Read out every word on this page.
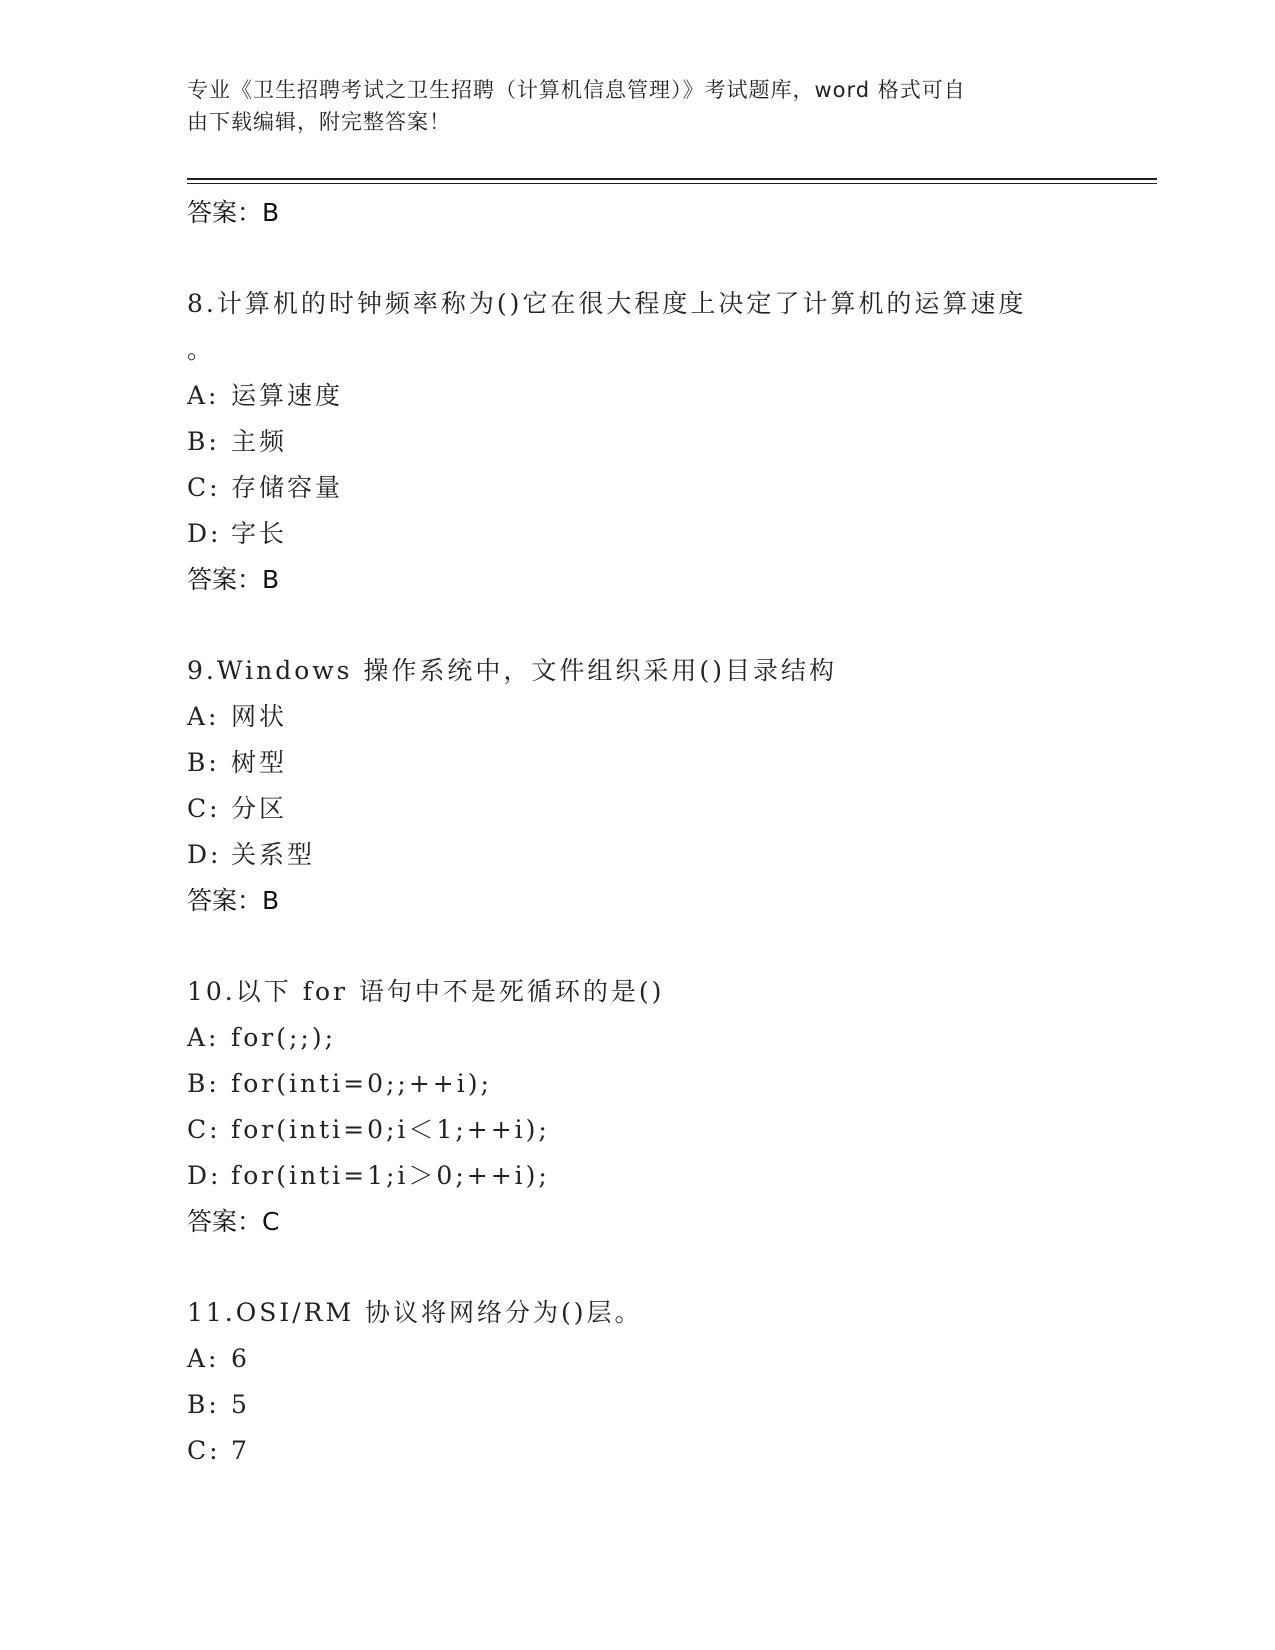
专业《卫生招聘考试之卫生招聘（计算机信息管理）》考试题库，word 格式可自
由下载编辑，附完整答案！
答案：B
8.计算机的时钟频率称为()它在很大程度上决定了计算机的运算速度
。
A: 运算速度
B: 主频
C: 存储容量
D: 字长
答案：B
9.Windows 操作系统中，文件组织采用()目录结构
A: 网状
B: 树型
C: 分区
D: 关系型
答案：B
10.以下 for 语句中不是死循环的是()
A: for(;;);
B: for(inti=0;;++i);
C: for(inti=0;i＜1;++i);
D: for(inti=1;i＞0;++i);
答案：C
11.OSI/RM 协议将网络分为()层。
A: 6
B: 5
C: 7
